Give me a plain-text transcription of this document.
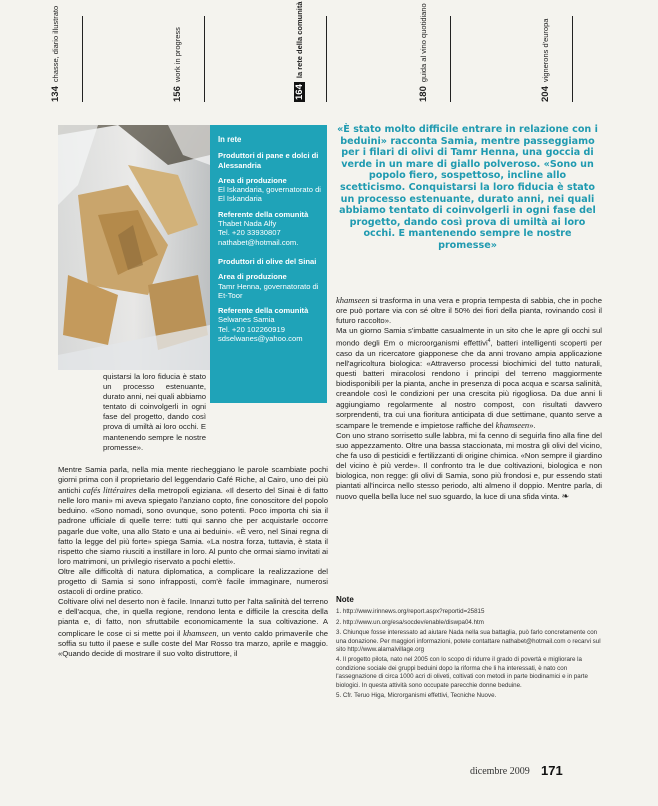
134chasse, diario illustrato
156work in progress
164la rete della comunità
180guida al vino quotidiano
204vignerons d'europa
In rete

Produttori di pane e dolci di Alessandria

Area di produzione
El Iskandaria, governatorato di El Iskandaria

Referente della comunità
Thabet Nada Alfy
Tel. +20 33930807
nathabet@hotmail.com.

Produttori di olive del Sinai

Area di produzione
Tamr Henna, governatorato di Et-Toor

Referente della comunità
Selwanes Samia
Tel. +20 102260919
sdselwanes@yahoo.com

«È stato molto difficile entrare in relazione con i beduini» racconta Samia, mentre passeggiamo per i filari di olivi di Tamr Henna, una goccia di verde in un mare di giallo polveroso. «Sono un popolo fiero, sospettoso, incline allo scetticismo. Conquistarsi la loro fiducia è stato un processo estenuante, durato anni, nei quali abbiamo tentato di coinvolgerli in ogni fase del progetto, dando così prova di umiltà ai loro occhi. E mantenendo sempre le nostre promesse»

quistarsi la loro fiducia è stato un processo estenuante, durato anni, nei quali abbiamo tentato di coinvolgerli in ogni fase del progetto, dando così prova di umiltà ai loro occhi. E mantenendo sempre le nostre promesse».

Mentre Samia parla, nella mia mente riecheggiano le parole scambiate pochi giorni prima con il proprietario del leggendario Café Riche, al Cairo, uno dei più antichi cafés littéraires della metropoli egiziana. «Il deserto del Sinai è di fatto nelle loro mani» mi aveva spiegato l'anziano copto, fine conoscitore del popolo beduino. «Sono nomadi, sono ovunque, sono potenti. Poco importa chi sia il padrone ufficiale di quelle terre: tutti qui sanno che per acquistarle occorre pagarle due volte, una allo Stato e una ai beduini». «È vero, nel Sinai regna di fatto la legge del più forte» spiega Samia. «La nostra forza, tuttavia, è stata il rispetto che siamo riusciti a instillare in loro. Al punto che ormai siamo invitati ai loro matrimoni, un privilegio riservato a pochi eletti».

Oltre alle difficoltà di natura diplomatica, a complicare la realizzazione del progetto di Samia si sono infrapposti, com'è facile immaginare, numerosi ostacoli di ordine pratico.

Coltivare olivi nel deserto non è facile. Innanzi tutto per l'alta salinità del terreno e dell'acqua, che, in quella regione, rendono lenta e difficile la crescita della pianta e, di fatto, non sfruttabile economicamente la sua coltivazione. A complicare le cose ci si mette poi il khamseen, un vento caldo primaverile che soffia su tutto il paese e sulle coste del Mar Rosso tra marzo, aprile e maggio. «Quando decide di mostrare il suo volto distruttore, il

khamseen si trasforma in una vera e propria tempesta di sabbia, che in poche ore può portare via con sé oltre il 50% dei fiori della pianta, rovinando così il futuro raccolto».

Ma un giorno Samia s'imbatte casualmente in un sito che le apre gli occhi sul mondo degli Em o microorganismi effettivi$^4$, batteri intelligenti scoperti per caso da un ricercatore giapponese che da anni trovano ampia applicazione nell'agricoltura biologica: «Attraverso processi biochimici del tutto naturali, questi batteri miracolosi rendono i principi del terreno maggiormente biodisponibili per la pianta, anche in presenza di poca acqua e scarsa salinità, creandole così le condizioni per una crescita più rigogliosa. Da due anni li aggiungiamo regolarmente al nostro compost, con risultati davvero sorprendenti, tra cui una fioritura anticipata di due settimane, quanto serve a scampare le tremende e impietose raffiche del khamseen».

Con uno strano sorrisetto sulle labbra, mi fa cenno di seguirla fino alla fine del suo appezzamento. Oltre una bassa staccionata, mi mostra gli olivi del vicino, che fa uso di pesticidi e fertilizzanti di origine chimica. «Non sempre il giardino del vicino è più verde». Il confronto tra le due coltivazioni, biologica e non biologica, non regge: gli olivi di Samia, sono più frondosi e, pur essendo stati piantati all'incirca nello stesso periodo, alti almeno il doppio. Mentre parla, di nuovo quella bella luce nel suo sguardo, la luce di una sfida vinta. ❧

Note
1. http://www.irinnews.org/report.aspx?reportid=25815
2. http://www.un.org/esa/socdev/enable/diswpa04.htm
3. Chiunque fosse interessato ad aiutare Nada nella sua battaglia, può farlo concretamente con una donazione. Per maggiori informazioni, potete contattare nathabet@hotmail.com o recarvi sul sito http://www.alamalvillage.org
4. Il progetto pilota, nato nel 2005 con lo scopo di ridurre il grado di povertà e migliorare la condizione sociale dei gruppi beduini dopo la riforma che li ha interessati, è nato con l'assegnazione di circa 1000 acri di oliveti, coltivati con metodi in parte biodinamici e in parte biologici. In questa attività sono occupate parecchie donne beduine.
5. Cfr. Teruo Higa, Microrganismi effettivi, Tecniche Nuove.
dicembre 2009 171
